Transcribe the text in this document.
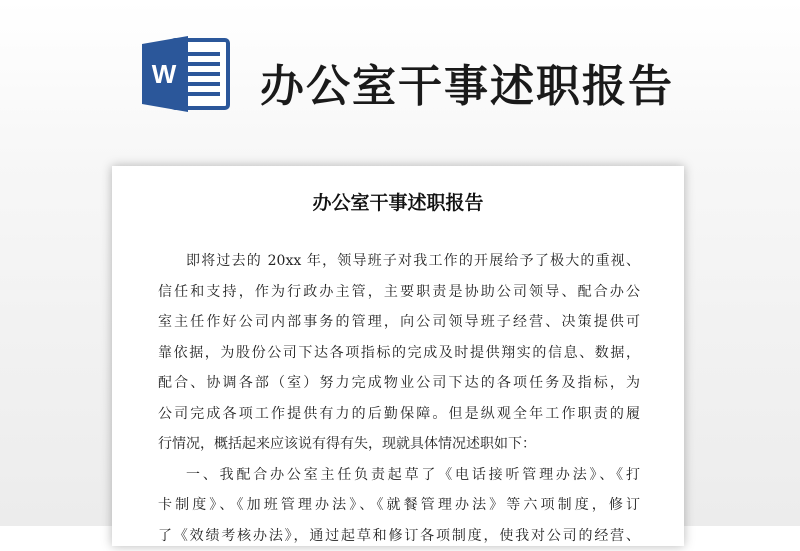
W 办公室干事述职报告
办公室干事述职报告
即将过去的 20xx 年，领导班子对我工作的开展给予了极大的重视、
信任和支持，作为行政办主管，主要职责是协助公司领导、配合办公
室主任作好公司内部事务的管理，向公司领导班子经营、决策提供可
靠依据，为股份公司下达各项指标的完成及时提供翔实的信息、数据，
配合、协调各部（室）努力完成物业公司下达的各项任务及指标，为
公司完成各项工作提供有力的后勤保障。但是纵观全年工作职责的履
行情况，概括起来应该说有得有失，现就具体情况述职如下：
一、我配合办公室主任负责起草了《电话接听管理办法》、《打
卡制度》、《加班管理办法》、《就餐管理办法》等六项制度，修订
了《效绩考核办法》，通过起草和修订各项制度，使我对公司的经营、
